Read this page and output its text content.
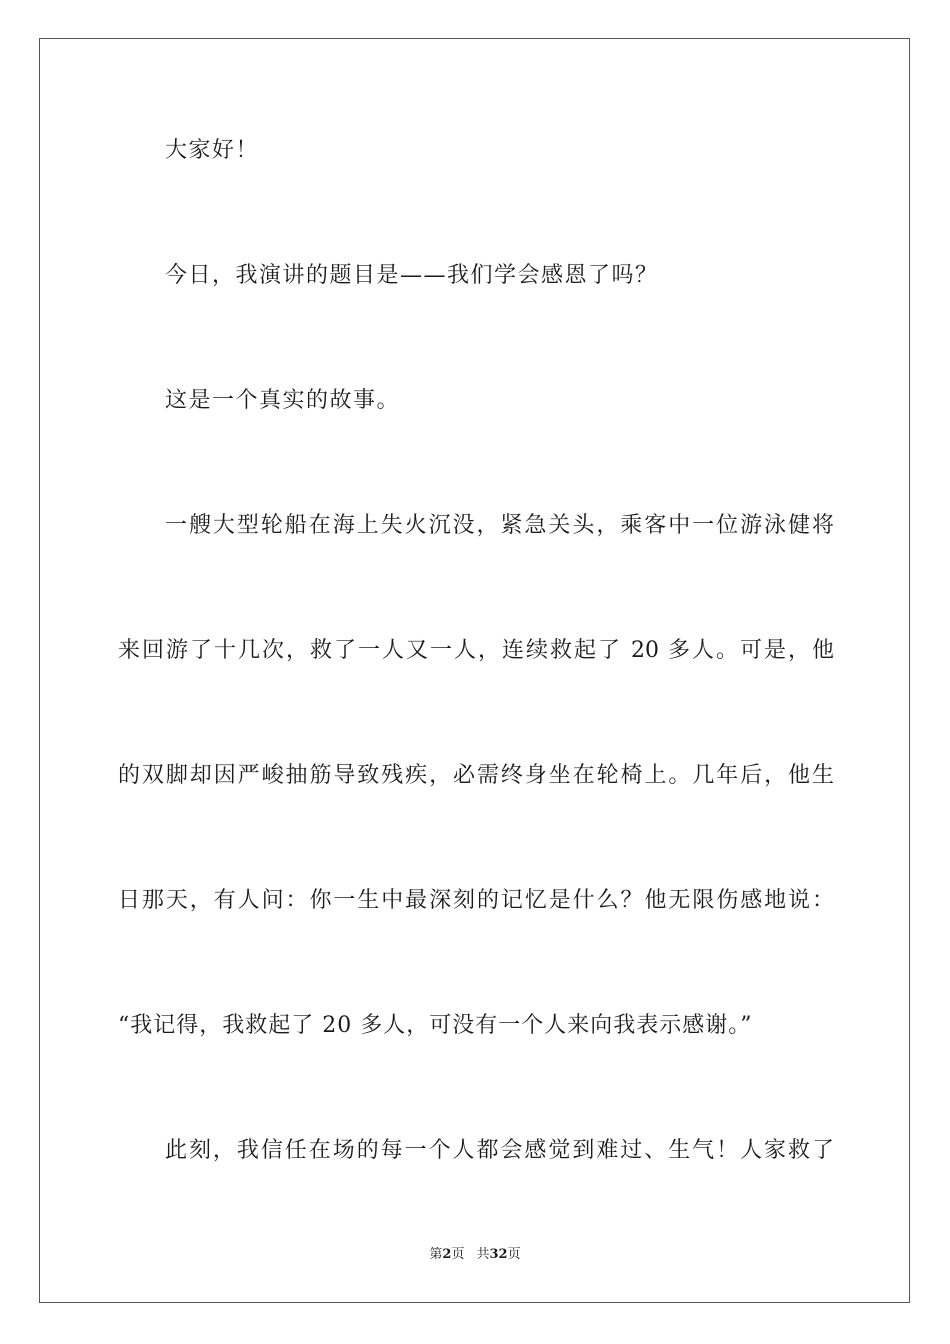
大家好！
今日，我演讲的题目是——我们学会感恩了吗？
这是一个真实的故事。
一艘大型轮船在海上失火沉没，紧急关头，乘客中一位游泳健将
来回游了十几次，救了一人又一人，连续救起了 20 多人。可是，他
的双脚却因严峻抽筋导致残疾，必需终身坐在轮椅上。几年后，他生
日那天，有人问：你一生中最深刻的记忆是什么？他无限伤感地说：
“我记得，我救起了 20 多人，可没有一个人来向我表示感谢。”
此刻，我信任在场的每一个人都会感觉到难过、生气！人家救了
第2页 共32页
